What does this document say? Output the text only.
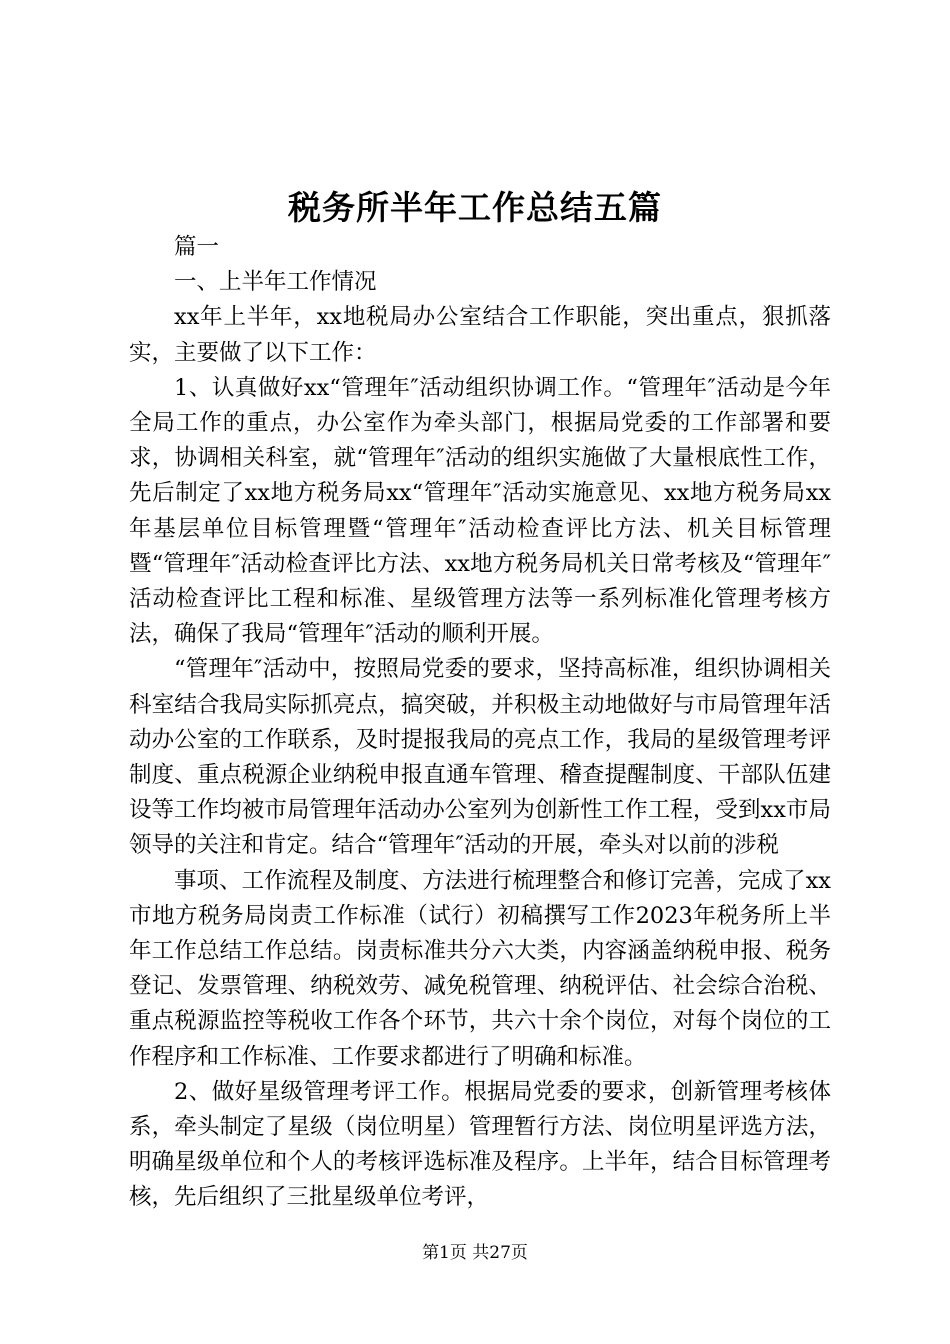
税务所半年工作总结五篇

篇一

一、上半年工作情况

xx年上半年，xx地税局办公室结合工作职能，突出重点，狠抓落实，主要做了以下工作：

1、认真做好xx“管理年″活动组织协调工作。“管理年″活动是今年全局工作的重点，办公室作为牵头部门，根据局党委的工作部署和要求，协调相关科室，就“管理年″活动的组织实施做了大量根底性工作，先后制定了xx地方税务局xx“管理年″活动实施意见、xx地方税务局xx年基层单位目标管理暨“管理年″活动检查评比方法、机关目标管理暨“管理年″活动检查评比方法、xx地方税务局机关日常考核及“管理年″活动检查评比工程和标准、星级管理方法等一系列标准化管理考核方法，确保了我局“管理年″活动的顺利开展。

“管理年″活动中，按照局党委的要求，坚持高标准，组织协调相关科室结合我局实际抓亮点，搞突破，并积极主动地做好与市局管理年活动办公室的工作联系，及时提报我局的亮点工作，我局的星级管理考评制度、重点税源企业纳税申报直通车管理、稽查提醒制度、干部队伍建设等工作均被市局管理年活动办公室列为创新性工作工程，受到xx市局领导的关注和肯定。结合“管理年″活动的开展，牵头对以前的涉税

事项、工作流程及制度、方法进行梳理整合和修订完善，完成了xx市地方税务局岗责工作标准（试行）初稿撰写工作2023年税务所上半年工作总结工作总结。岗责标准共分六大类，内容涵盖纳税申报、税务登记、发票管理、纳税效劳、减免税管理、纳税评估、社会综合治税、重点税源监控等税收工作各个环节，共六十余个岗位，对每个岗位的工作程序和工作标准、工作要求都进行了明确和标准。

2、做好星级管理考评工作。根据局党委的要求，创新管理考核体系，牵头制定了星级（岗位明星）管理暂行方法、岗位明星评选方法，明确星级单位和个人的考核评选标准及程序。上半年，结合目标管理考核，先后组织了三批星级单位考评，

第1页 共27页
